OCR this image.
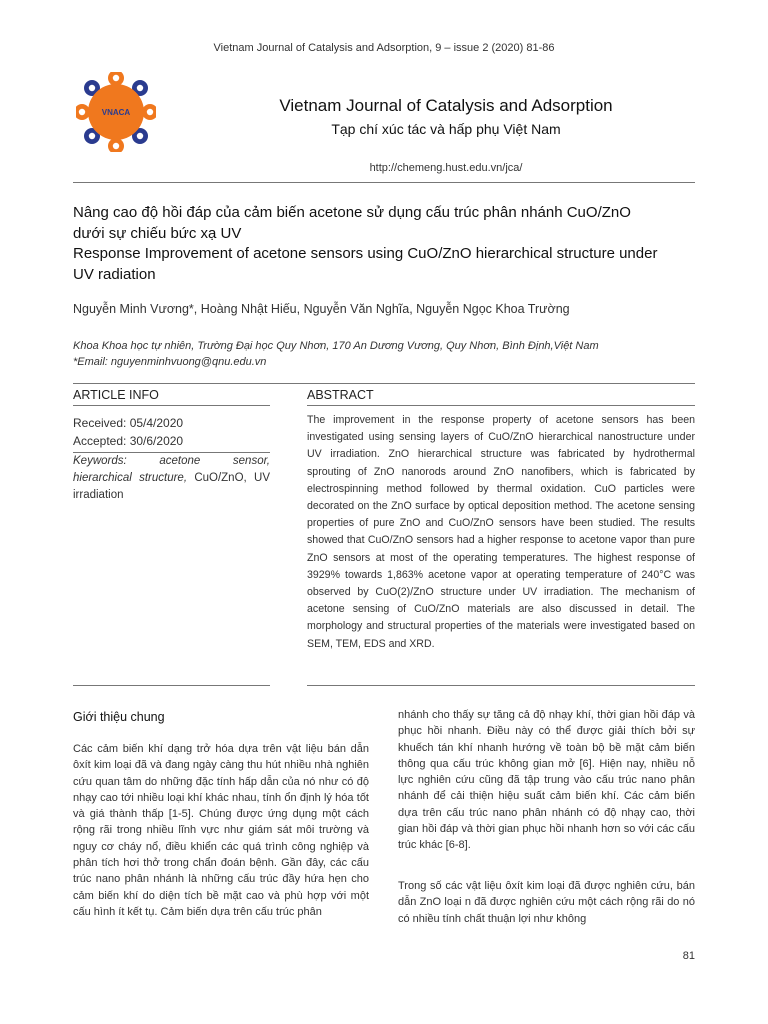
Vietnam Journal of Catalysis and Adsorption, 9 – issue 2 (2020) 81-86
VNACA	Vietnam Journal of Catalysis and Adsorption
Tạp chí xúc tác và hấp phụ Việt Nam
http://chemeng.hust.edu.vn/jca/
Nâng cao độ hồi đáp của cảm biến acetone sử dụng cấu trúc phân nhánh CuO/ZnO
dưới sự chiếu bức xạ UV
Response Improvement of acetone sensors using CuO/ZnO hierarchical structure under
UV radiation
Nguyễn Minh Vương*, Hoàng Nhật Hiếu, Nguyễn Văn Nghĩa, Nguyễn Ngọc Khoa Trường
Khoa Khoa học tự nhiên, Trường Đại học Quy Nhơn, 170 An Dương Vương, Quy Nhơn, Bình Định,Việt Nam
*Email: nguyenminhvuong@qnu.edu.vn
ARTICLE INFO
Received: 05/4/2020
Accepted: 30/6/2020
Keywords: acetone sensor, hierarchical structure, CuO/ZnO, UV irradiation
ABSTRACT
The improvement in the response property of acetone sensors has been investigated using sensing layers of CuO/ZnO hierarchical nanostructure under UV irradiation. ZnO hierarchical structure was fabricated by hydrothermal sprouting of ZnO nanorods around ZnO nanofibers, which is fabricated by electrospinning method followed by thermal oxidation. CuO particles were decorated on the ZnO surface by optical deposition method. The acetone sensing properties of pure ZnO and CuO/ZnO sensors have been studied. The results showed that CuO/ZnO sensors had a higher response to acetone vapor than pure ZnO sensors at most of the operating temperatures. The highest response of 3929% towards 1,863% acetone vapor at operating temperature of 240°C was observed by CuO(2)/ZnO structure under UV irradiation. The mechanism of acetone sensing of CuO/ZnO materials are also discussed in detail. The morphology and structural properties of the materials were investigated based on SEM, TEM, EDS and XRD.
Giới thiệu chung
Các cảm biến khí dạng trở hóa dựa trên vật liệu bán dẫn ôxít kim loại đã và đang ngày càng thu hút nhiều nhà nghiên cứu quan tâm do những đặc tính hấp dẫn của nó như có độ nhạy cao tới nhiều loại khí khác nhau, tính ổn định lý hóa tốt và giá thành thấp [1-5]. Chúng được ứng dụng một cách rộng rãi trong nhiều lĩnh vực như giám sát môi trường và nguy cơ cháy nổ, điều khiển các quá trình công nghiệp và phân tích hơi thở trong chẩn đoán bệnh. Gần đây, các cấu trúc nano phân nhánh là những cấu trúc đầy hứa hẹn cho cảm biến khí do diện tích bề mặt cao và phù hợp với một cấu hình ít kết tụ. Cảm biến dựa trên cấu trúc phân
nhánh cho thấy sự tăng cả độ nhạy khí, thời gian hồi đáp và phục hồi nhanh. Điều này có thể được giải thích bởi sự khuếch tán khí nhanh hướng về toàn bộ bề mặt cảm biến thông qua cấu trúc không gian mở [6]. Hiện nay, nhiều nỗ lực nghiên cứu cũng đã tập trung vào cấu trúc nano phân nhánh để cải thiện hiệu suất cảm biến khí. Các cảm biến dựa trên cấu trúc nano phân nhánh có độ nhạy cao, thời gian hồi đáp và thời gian phục hồi nhanh hơn so với các cấu trúc khác [6-8].
Trong số các vật liệu ôxít kim loại đã được nghiên cứu, bán dẫn ZnO loại n đã được nghiên cứu một cách rộng rãi do nó có nhiều tính chất thuận lợi như không
81
